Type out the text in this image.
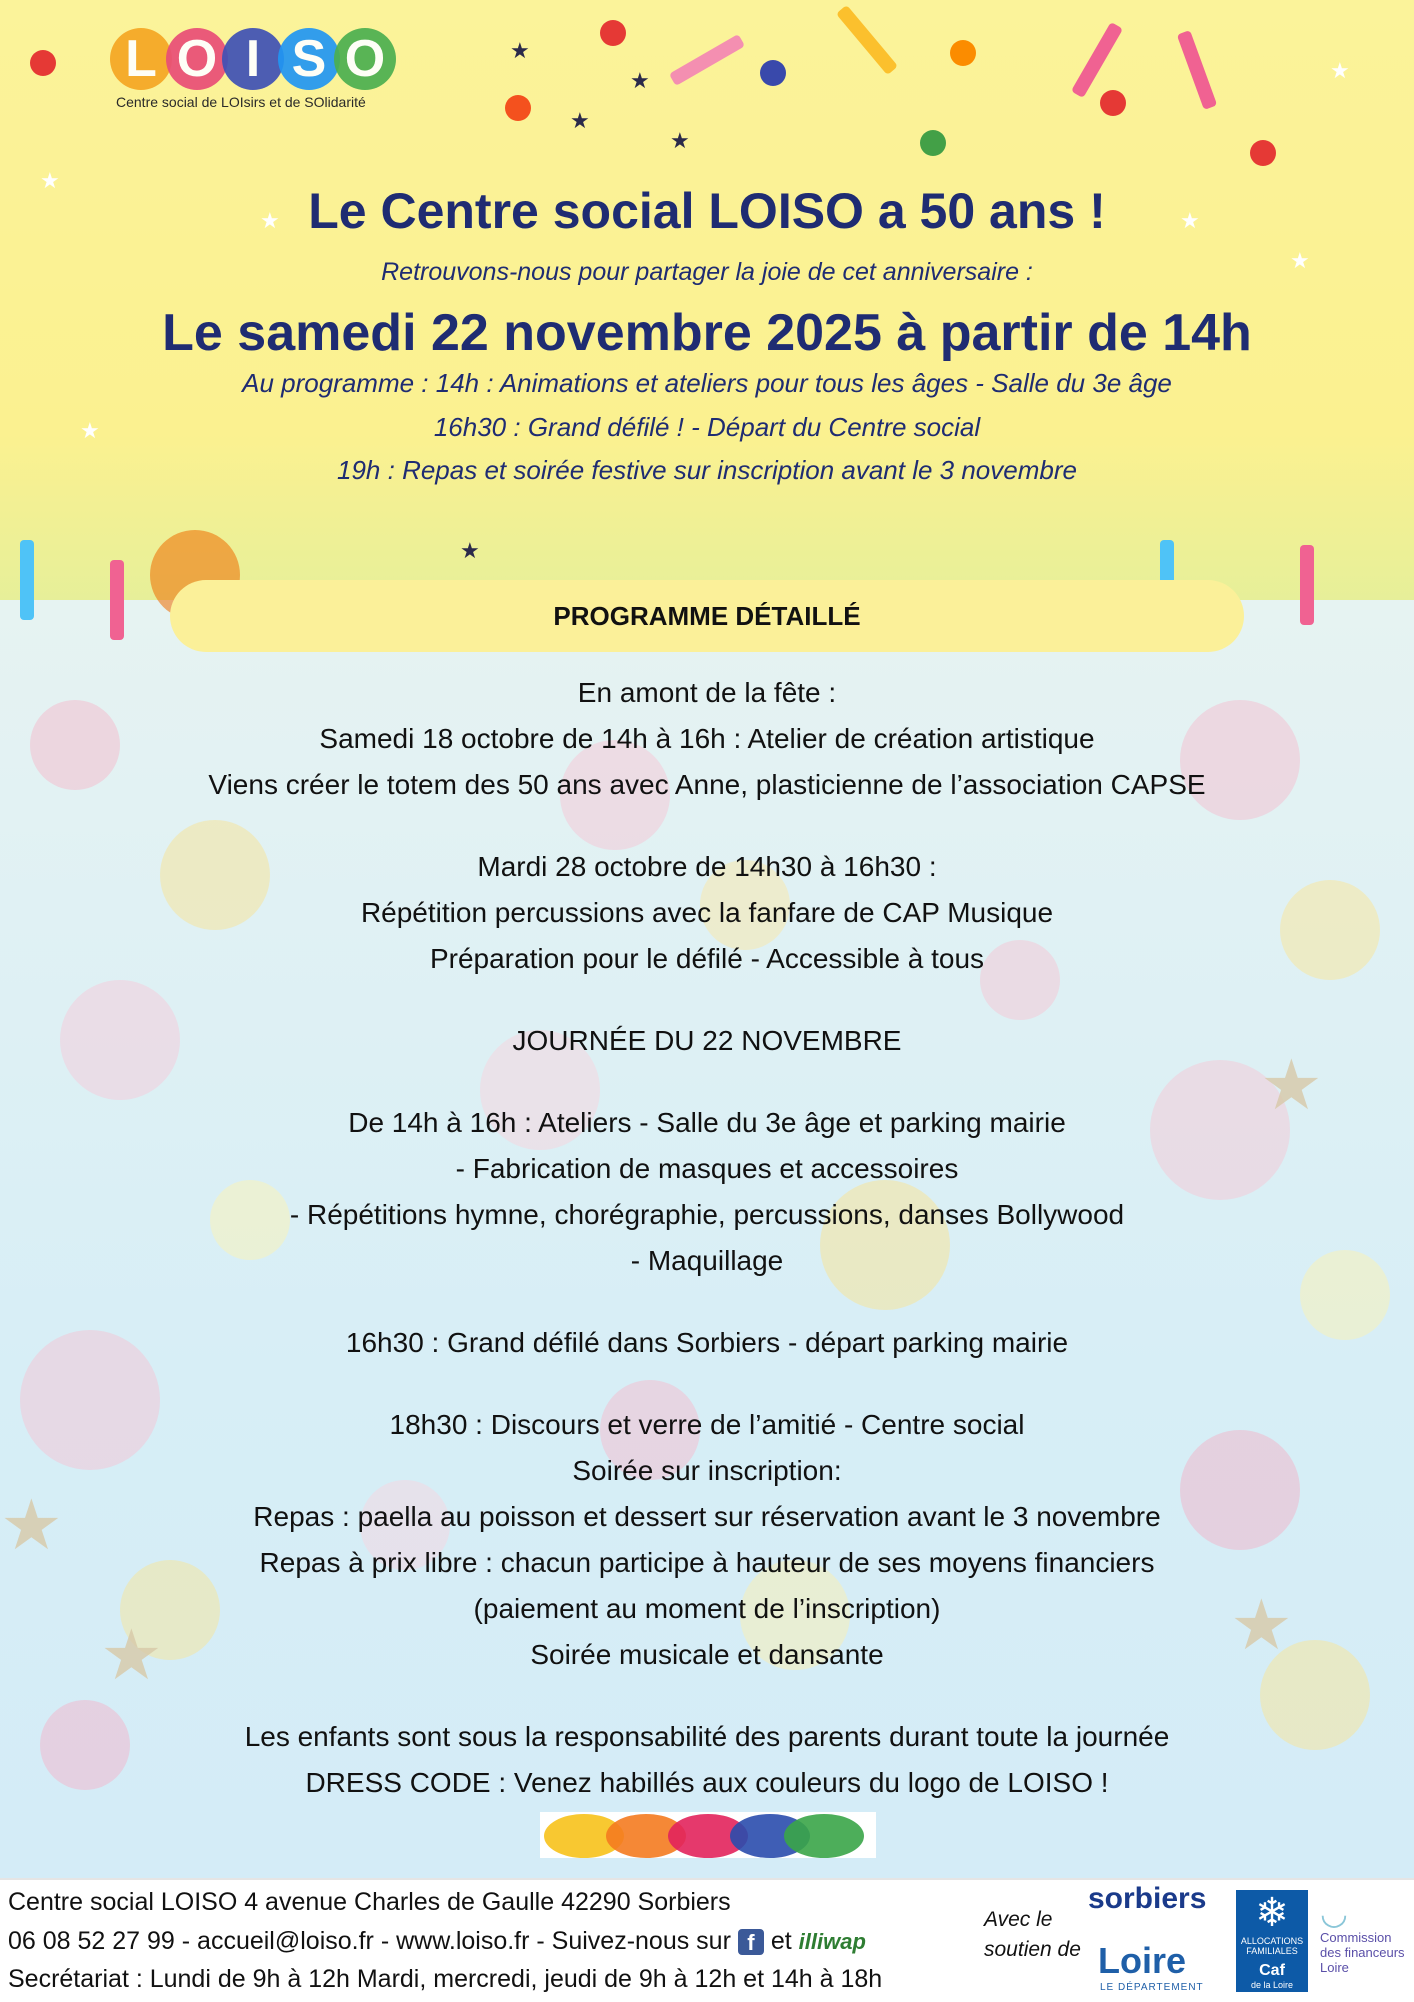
★
★
★
★
★
★
★	★
★
★
★
★
★
★	★
L O I S O
Centre social de LOIsirs et de SOlidarité
Le Centre social LOISO a 50 ans !
Retrouvons-nous pour partager la joie de cet anniversaire :
Le samedi 22 novembre 2025 à partir de 14h
Au programme : 14h : Animations et ateliers pour tous les âges - Salle du 3e âge
16h30 : Grand défilé ! - Départ du Centre social
19h : Repas et soirée festive sur inscription avant le 3 novembre
PROGRAMME DÉTAILLÉ
En amont de la fête :
Samedi 18 octobre de 14h à 16h : Atelier de création artistique
Viens créer le totem des 50 ans avec Anne, plasticienne de l’association CAPSE
Mardi 28 octobre de 14h30 à 16h30 :
Répétition percussions avec la fanfare de CAP Musique
Préparation pour le défilé - Accessible à tous
JOURNÉE DU 22 NOVEMBRE
De 14h à 16h : Ateliers - Salle du 3e âge et parking mairie
- Fabrication de masques et accessoires
- Répétitions hymne, chorégraphie, percussions, danses Bollywood
- Maquillage
16h30 : Grand défilé dans Sorbiers - départ parking mairie
18h30 : Discours et verre de l’amitié - Centre social
Soirée sur inscription:
Repas : paella au poisson et dessert sur réservation avant le 3 novembre
Repas à prix libre : chacun participe à hauteur de ses moyens financiers
(paiement au moment de l’inscription)
Soirée musicale et dansante
Les enfants sont sous la responsabilité des parents durant toute la journée
DRESS CODE : Venez habillés aux couleurs du logo de LOISO !
Centre social LOISO 4 avenue Charles de Gaulle 42290 Sorbiers
06 08 52 27 99 - accueil@loiso.fr - www.loiso.fr - Suivez-nous sur f et illiwap
Secrétariat : Lundi de 9h à 12h Mardi, mercredi, jeudi de 9h à 12h et 14h à 18h
Avec le
soutien de
sorbiers
Loire
LE DÉPARTEMENT
❄
ALLOCATIONS FAMILIALES
Caf
de la Loire
◡
Commission
des financeurs
Loire
